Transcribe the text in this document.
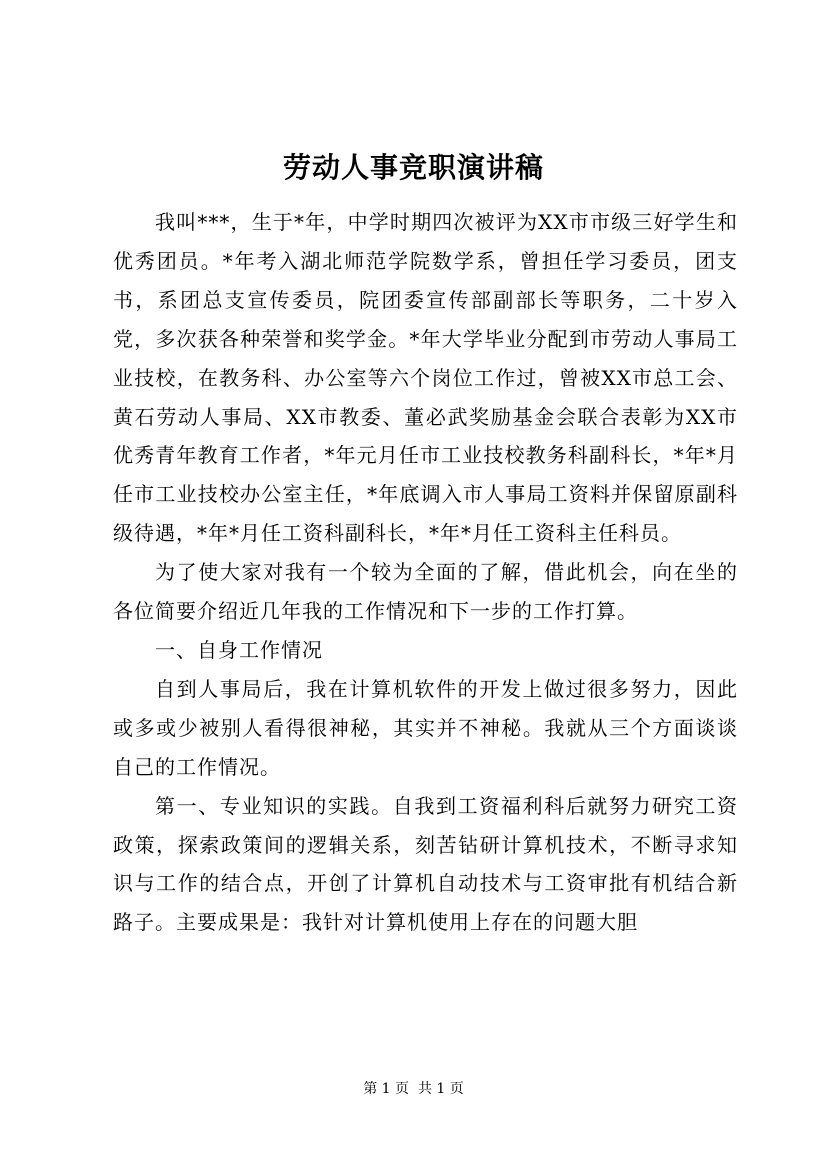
劳动人事竞职演讲稿

我叫***，生于*年，中学时期四次被评为XX市市级三好学生和优秀团员。*年考入湖北师范学院数学系，曾担任学习委员，团支书，系团总支宣传委员，院团委宣传部副部长等职务，二十岁入党，多次获各种荣誉和奖学金。*年大学毕业分配到市劳动人事局工业技校，在教务科、办公室等六个岗位工作过，曾被XX市总工会、黄石劳动人事局、XX市教委、董必武奖励基金会联合表彰为XX市优秀青年教育工作者，*年元月任市工业技校教务科副科长，*年*月任市工业技校办公室主任，*年底调入市人事局工资料并保留原副科级待遇，*年*月任工资科副科长，*年*月任工资科主任科员。

为了使大家对我有一个较为全面的了解，借此机会，向在坐的各位简要介绍近几年我的工作情况和下一步的工作打算。

一、自身工作情况

自到人事局后，我在计算机软件的开发上做过很多努力，因此或多或少被别人看得很神秘，其实并不神秘。我就从三个方面谈谈自己的工作情况。

第一、专业知识的实践。自我到工资福利科后就努力研究工资政策，探索政策间的逻辑关系，刻苦钻研计算机技术，不断寻求知识与工作的结合点，开创了计算机自动技术与工资审批有机结合新路子。主要成果是：我针对计算机使用上存在的问题大胆

第 1 页  共 1 页
